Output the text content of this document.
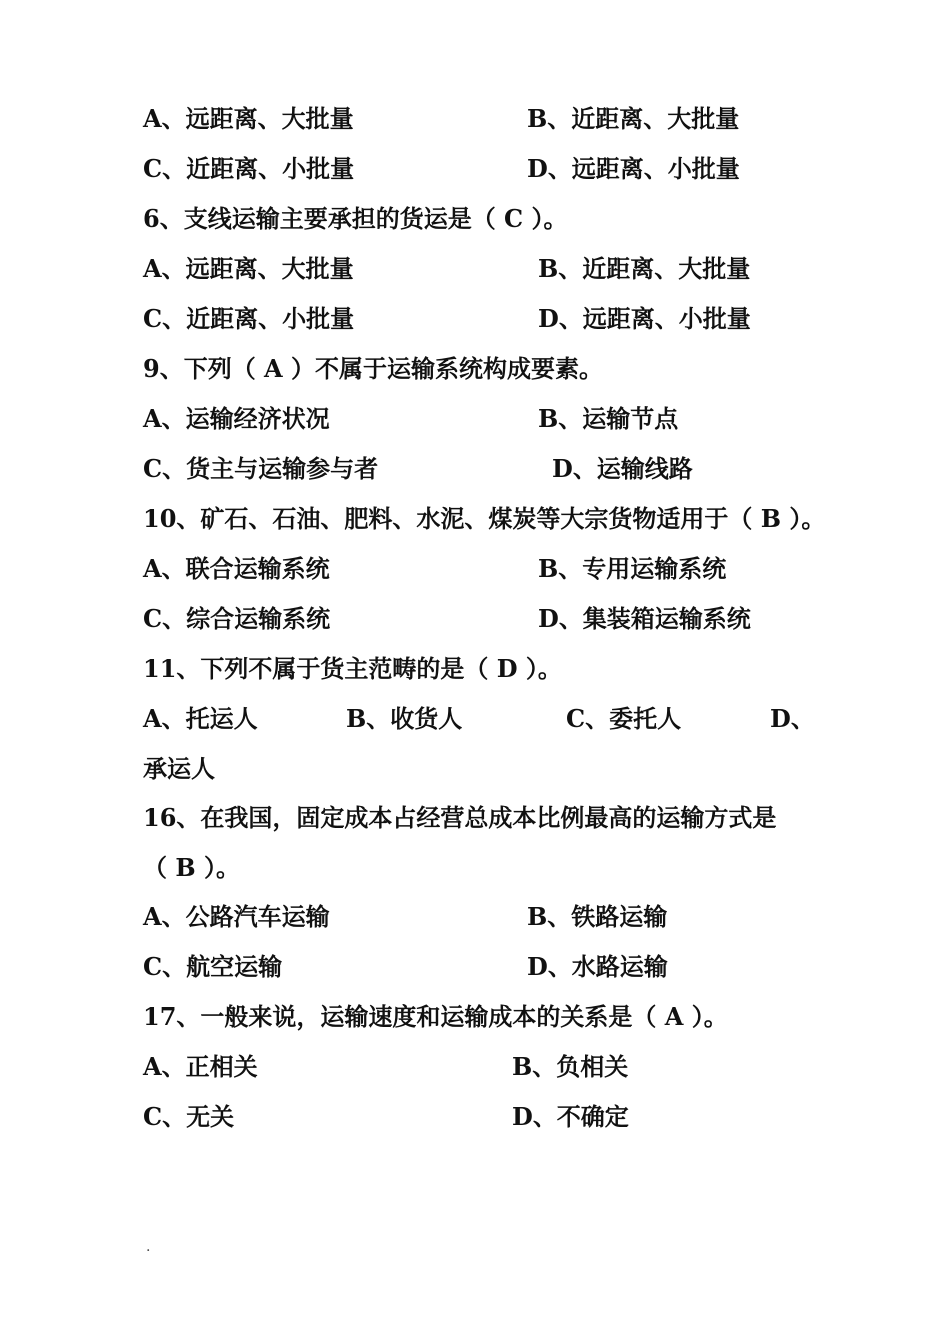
A、远距离、大批量	B、近距离、大批量
C、近距离、小批量	D、远距离、小批量
6、支线运输主要承担的货运是（ C ）。
A、远距离、大批量	B、近距离、大批量
C、近距离、小批量	D、远距离、小批量
9、下列（ A ）不属于运输系统构成要素。
A、运输经济状况	B、运输节点
C、货主与运输参与者	D、运输线路
10、矿石、石油、肥料、水泥、煤炭等大宗货物适用于（ B ）。
A、联合运输系统	B、专用运输系统
C、综合运输系统	D、集装箱运输系统
11、下列不属于货主范畴的是（ D ）。
A、托运人	B、收货人	C、委托人	D、
承运人
16、在我国，固定成本占经营总成本比例最高的运输方式是
（ B ）。
A、公路汽车运输	B、铁路运输
C、航空运输	D、水路运输
17、一般来说，运输速度和运输成本的关系是（ A ）。
A、正相关	B、负相关
C、无关	D、不确定
.
